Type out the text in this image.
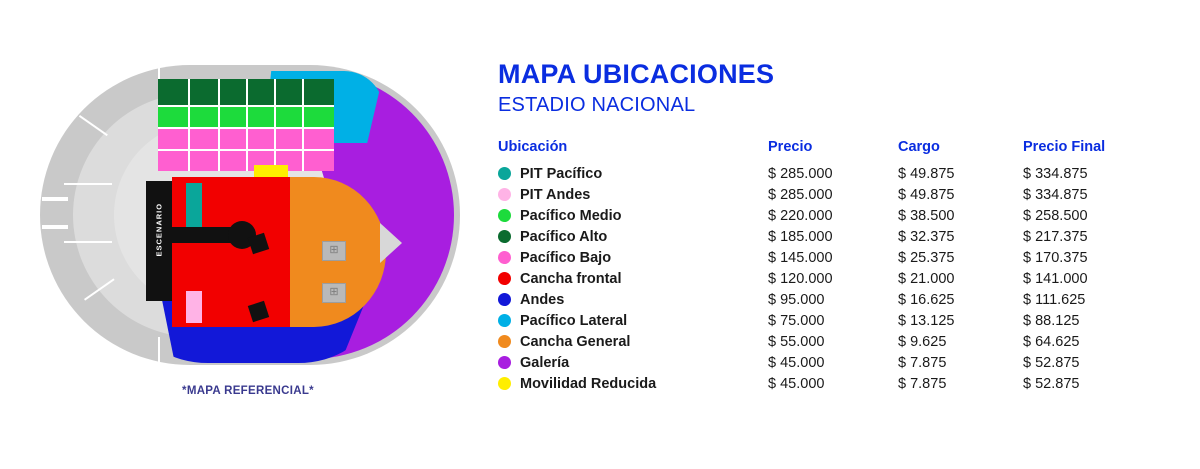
ESCENARIO	⊞
⊞
*MAPA REFERENCIAL*
MAPA UBICACIONES
ESTADIO NACIONAL
Ubicación	Precio	Cargo	Precio Final
PIT Pacífico	$ 285.000	$ 49.875	$ 334.875
PIT Andes	$ 285.000	$ 49.875	$ 334.875
Pacífico Medio	$ 220.000	$ 38.500	$ 258.500
Pacífico Alto	$ 185.000	$ 32.375	$ 217.375
Pacífico Bajo	$ 145.000	$ 25.375	$ 170.375
Cancha frontal	$ 120.000	$ 21.000	$ 141.000
Andes	$ 95.000	$ 16.625	$ 111.625
Pacífico Lateral	$ 75.000	$ 13.125	$ 88.125
Cancha General	$ 55.000	$ 9.625	$ 64.625
Galería	$ 45.000	$ 7.875	$ 52.875
Movilidad Reducida	$ 45.000	$ 7.875	$ 52.875
